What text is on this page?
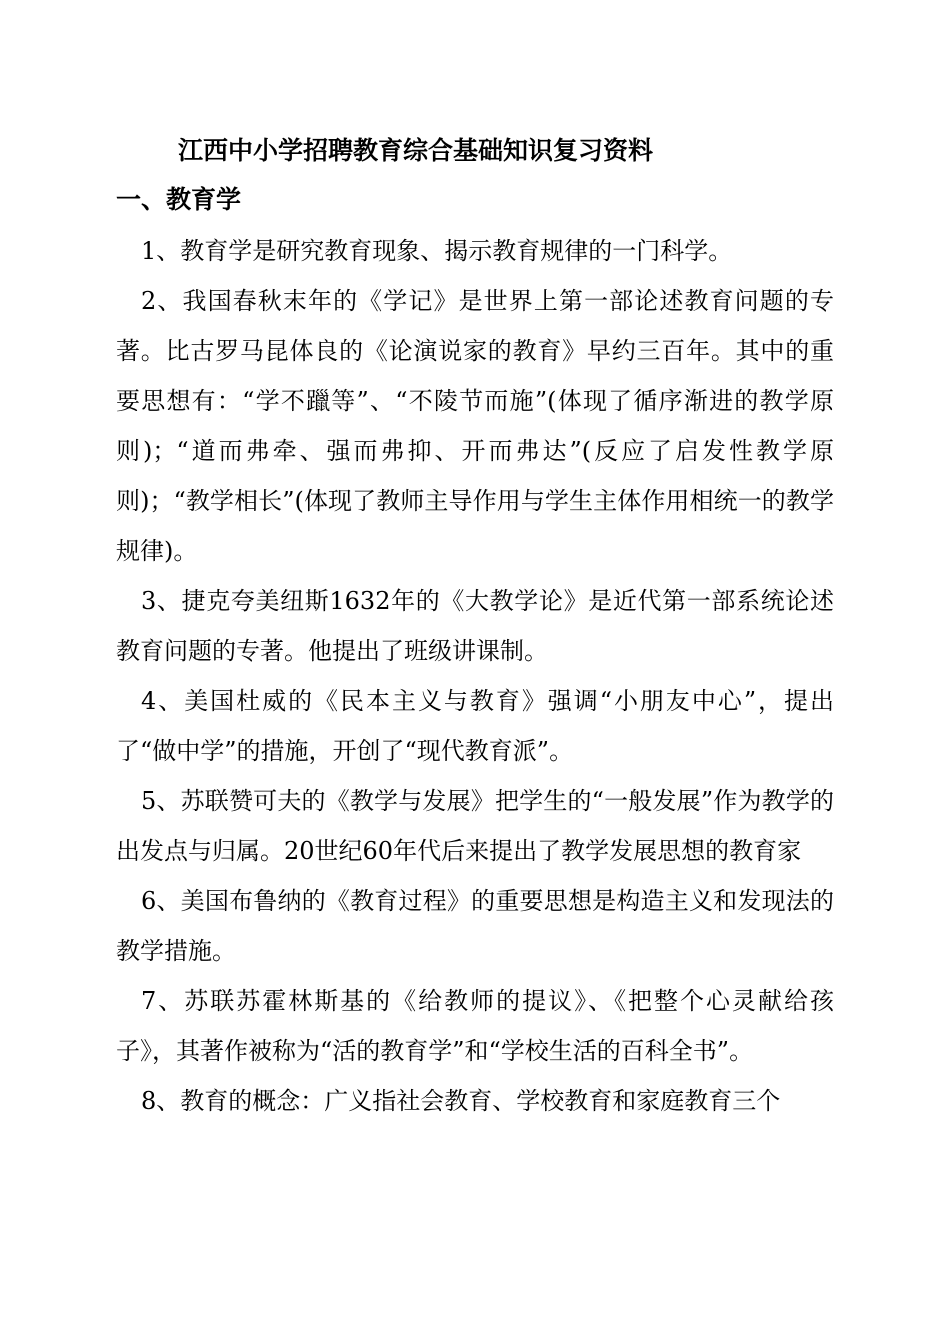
江西中小学招聘教育综合基础知识复习资料
一、教育学

1、教育学是研究教育现象、揭示教育规律的一门科学。

2、我国春秋末年的《学记》是世界上第一部论述教育问题的专著。比古罗马昆体良的《论演说家的教育》早约三百年。其中的重要思想有：“学不躐等”、“不陵节而施”(体现了循序渐进的教学原则)；“道而弗牵、强而弗抑、开而弗达”(反应了启发性教学原则)；“教学相长”(体现了教师主导作用与学生主体作用相统一的教学规律)。

3、捷克夸美纽斯1632年的《大教学论》是近代第一部系统论述教育问题的专著。他提出了班级讲课制。

4、美国杜威的《民本主义与教育》强调“小朋友中心”，提出了“做中学”的措施，开创了“现代教育派”。

5、苏联赞可夫的《教学与发展》把学生的“一般发展”作为教学的出发点与归属。20世纪60年代后来提出了教学发展思想的教育家

6、美国布鲁纳的《教育过程》的重要思想是构造主义和发现法的教学措施。

7、苏联苏霍林斯基的《给教师的提议》、《把整个心灵献给孩子》，其著作被称为“活的教育学”和“学校生活的百科全书”。

8、教育的概念：广义指社会教育、学校教育和家庭教育三个
